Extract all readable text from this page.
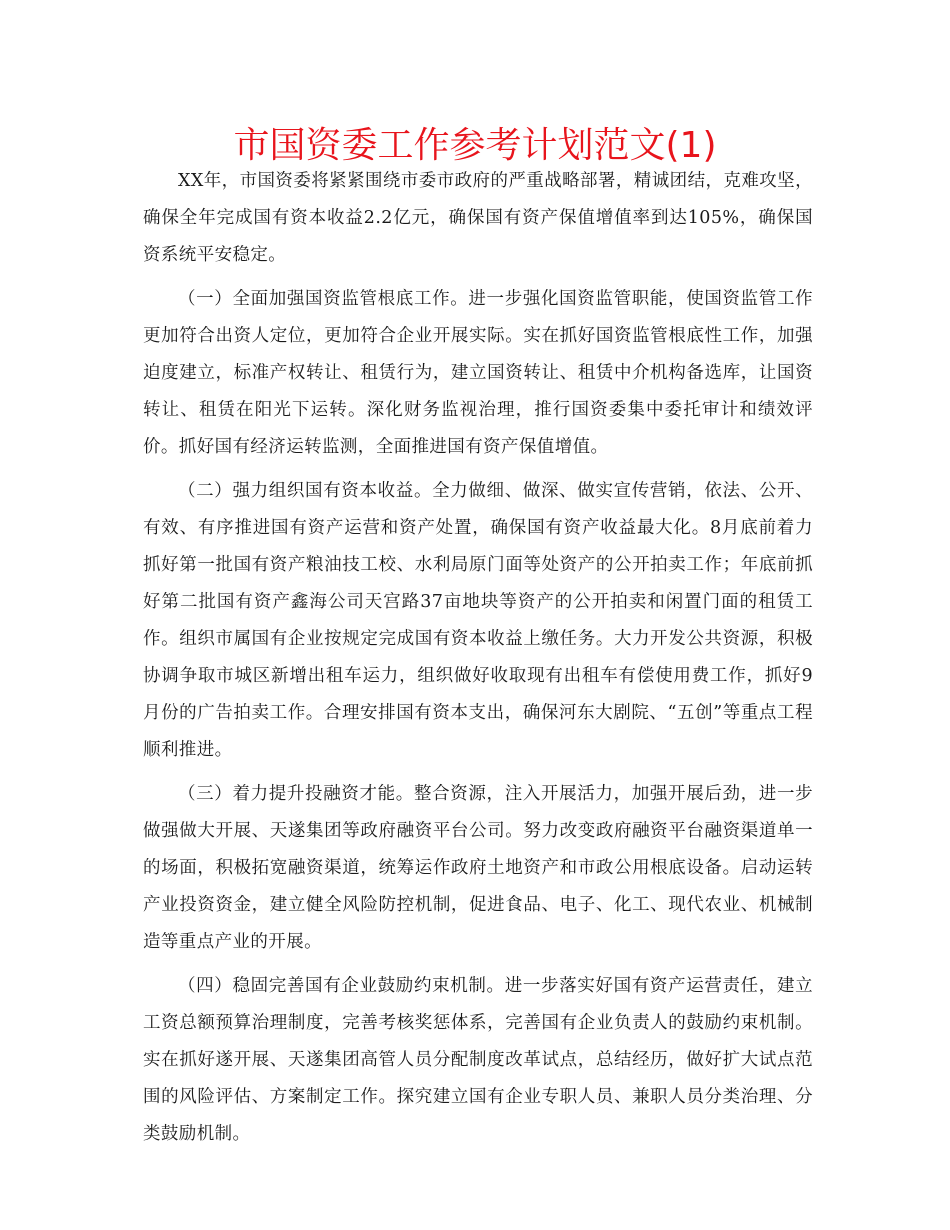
市国资委工作参考计划范文(1)

XX年，市国资委将紧紧围绕市委市政府的严重战略部署，精诚团结，克难攻坚，确保全年完成国有资本收益2.2亿元，确保国有资产保值增值率到达105%，确保国资系统平安稳定。

（一）全面加强国资监管根底工作。进一步强化国资监管职能，使国资监管工作更加符合出资人定位，更加符合企业开展实际。实在抓好国资监管根底性工作，加强迫度建立，标准产权转让、租赁行为，建立国资转让、租赁中介机构备选库，让国资转让、租赁在阳光下运转。深化财务监视治理，推行国资委集中委托审计和绩效评价。抓好国有经济运转监测，全面推进国有资产保值增值。

（二）强力组织国有资本收益。全力做细、做深、做实宣传营销，依法、公开、有效、有序推进国有资产运营和资产处置，确保国有资产收益最大化。8月底前着力抓好第一批国有资产粮油技工校、水利局原门面等处资产的公开拍卖工作；年底前抓好第二批国有资产鑫海公司天宫路37亩地块等资产的公开拍卖和闲置门面的租赁工作。组织市属国有企业按规定完成国有资本收益上缴任务。大力开发公共资源，积极协调争取市城区新增出租车运力，组织做好收取现有出租车有偿使用费工作，抓好9月份的广告拍卖工作。合理安排国有资本支出，确保河东大剧院、“五创”等重点工程顺利推进。

（三）着力提升投融资才能。整合资源，注入开展活力，加强开展后劲，进一步做强做大开展、天遂集团等政府融资平台公司。努力改变政府融资平台融资渠道单一的场面，积极拓宽融资渠道，统筹运作政府土地资产和市政公用根底设备。启动运转产业投资资金，建立健全风险防控机制，促进食品、电子、化工、现代农业、机械制造等重点产业的开展。

（四）稳固完善国有企业鼓励约束机制。进一步落实好国有资产运营责任，建立工资总额预算治理制度，完善考核奖惩体系，完善国有企业负责人的鼓励约束机制。实在抓好遂开展、天遂集团高管人员分配制度改革试点，总结经历，做好扩大试点范围的风险评估、方案制定工作。探究建立国有企业专职人员、兼职人员分类治理、分类鼓励机制。
